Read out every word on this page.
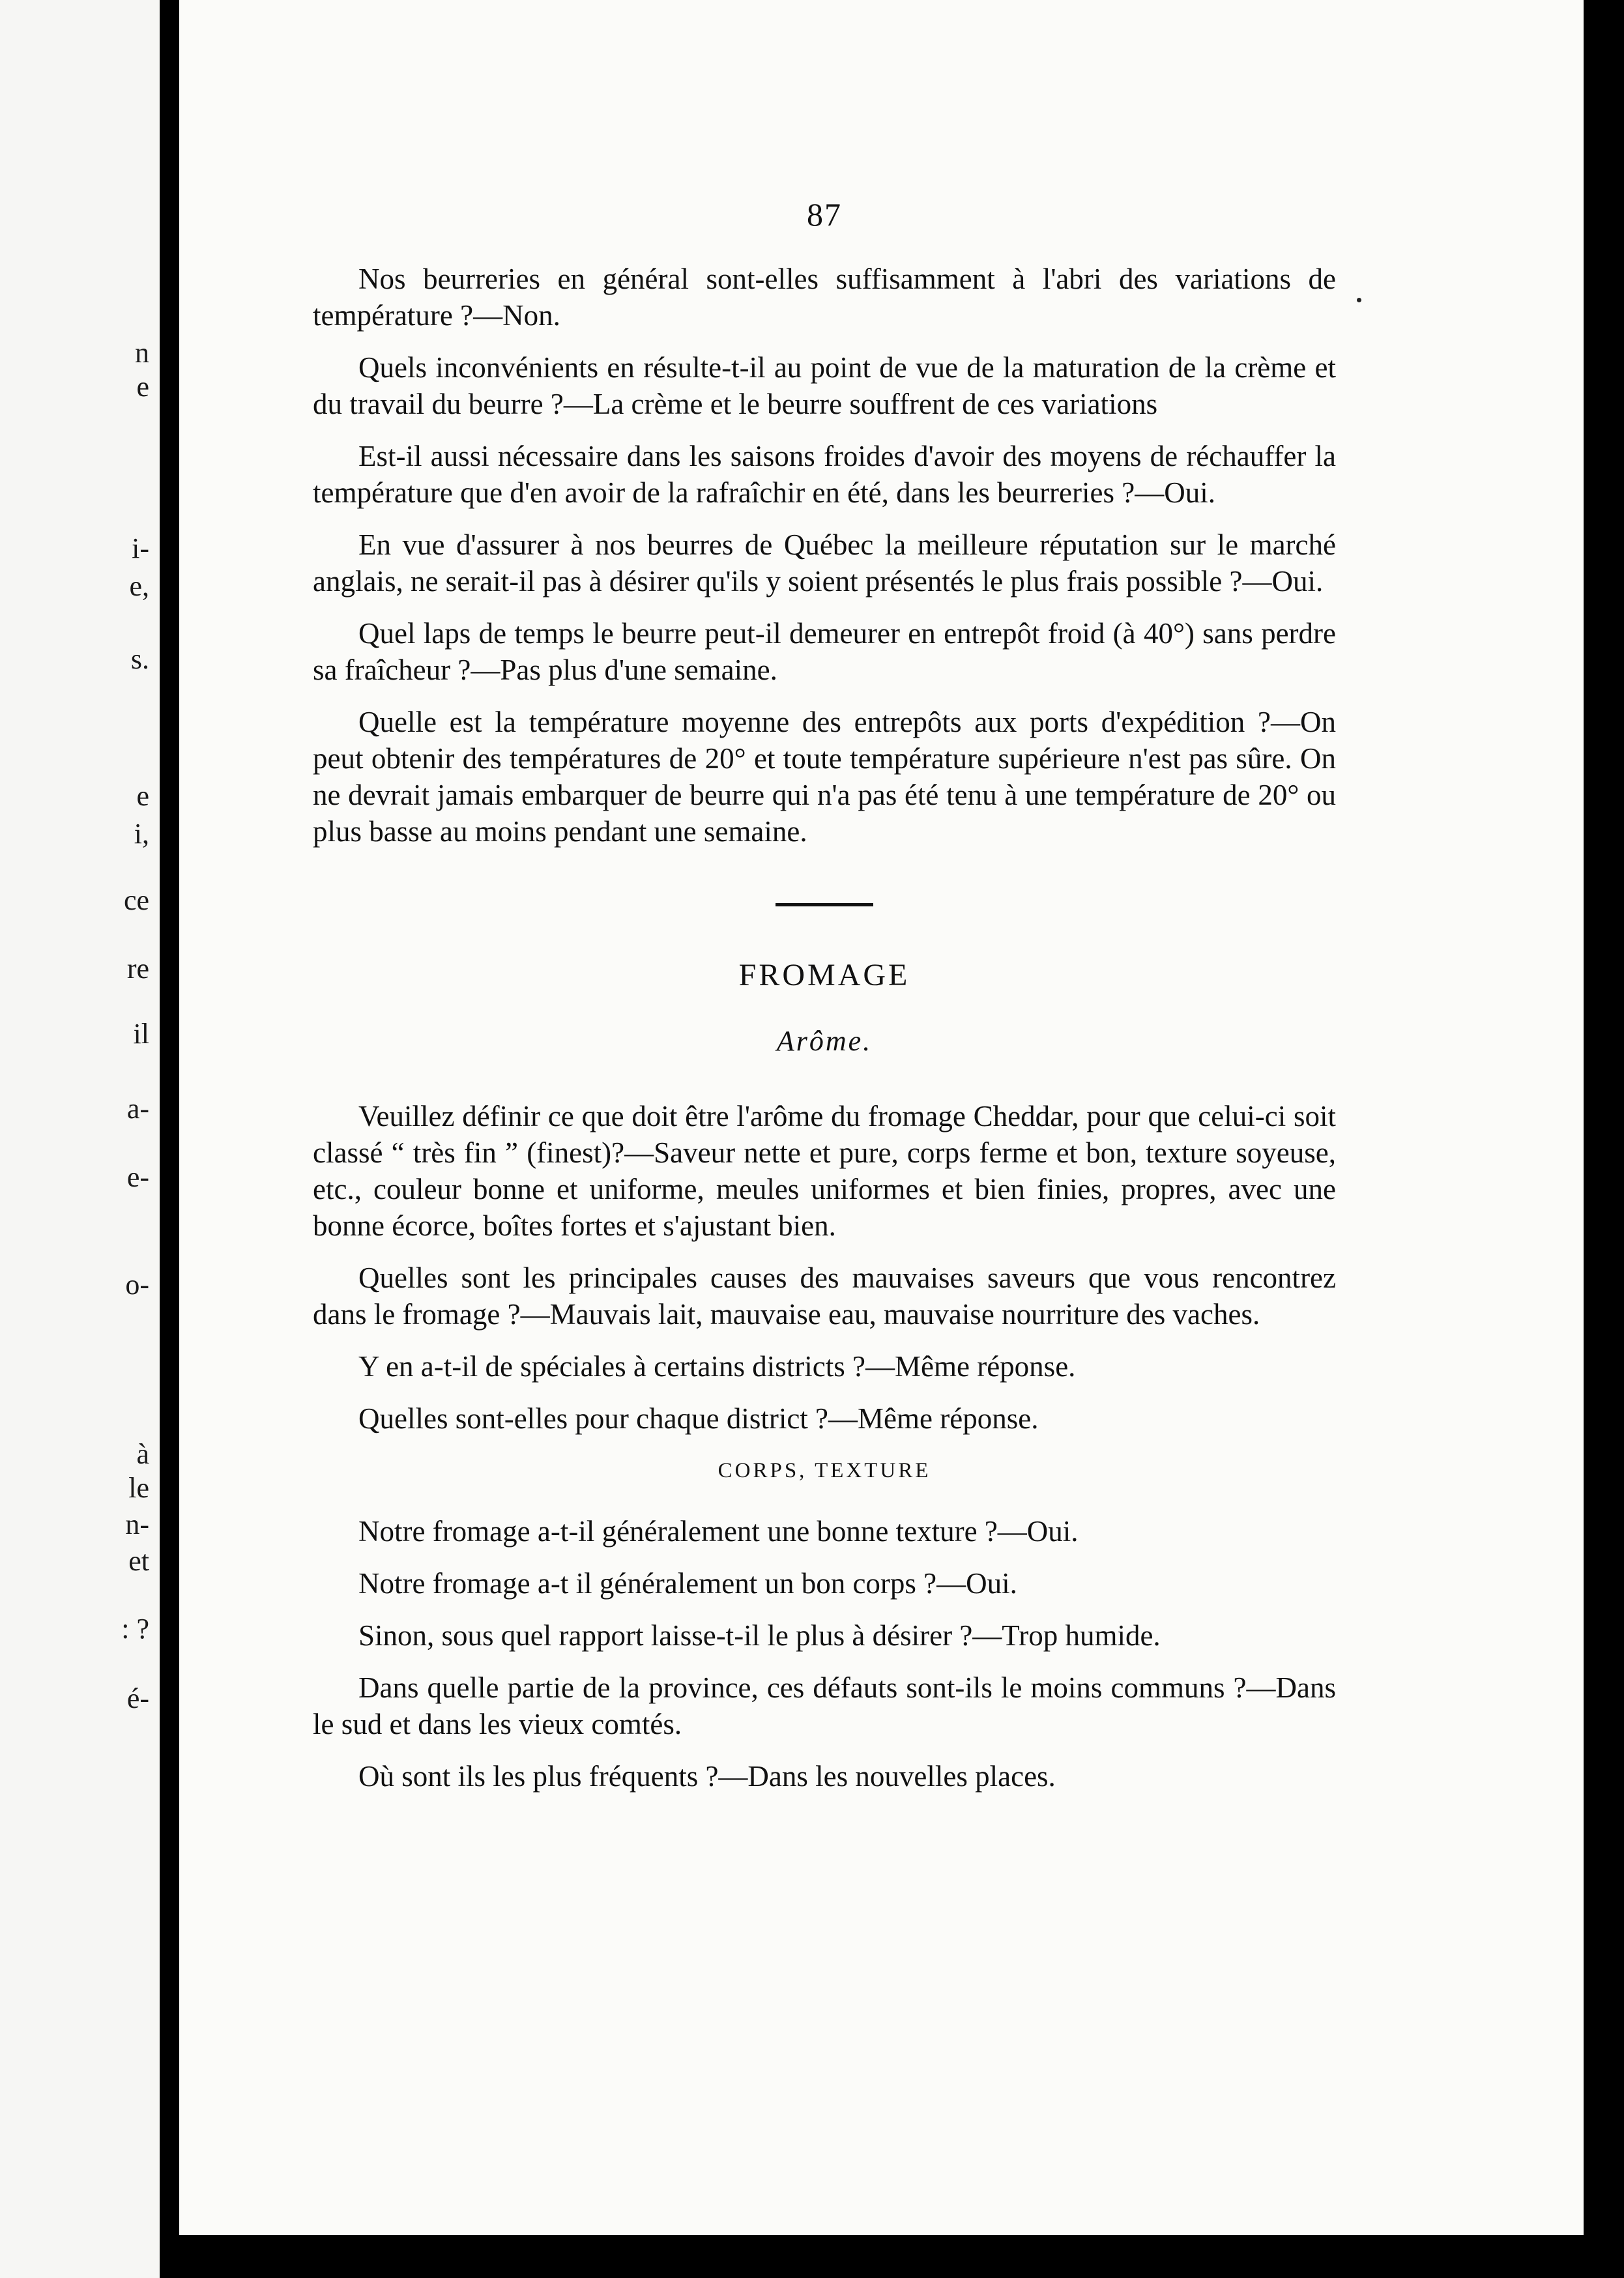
n
e
i-
e,
s.
e
i,
ce
re
il
a-
e-
o-
à
le
n-
et
: ?
é-
87

Nos beurreries en général sont-elles suffisamment à l'abri des variations de température ?—Non.

Quels inconvénients en résulte-t-il au point de vue de la maturation de la crème et du travail du beurre ?—La crème et le beurre souffrent de ces variations

Est-il aussi nécessaire dans les saisons froides d'avoir des moyens de réchauffer la température que d'en avoir de la rafraîchir en été, dans les beurreries ?—Oui.

En vue d'assurer à nos beurres de Québec la meilleure réputation sur le marché anglais, ne serait-il pas à désirer qu'ils y soient présentés le plus frais possible ?—Oui.

Quel laps de temps le beurre peut-il demeurer en entrepôt froid (à 40°) sans perdre sa fraîcheur ?—Pas plus d'une semaine.

Quelle est la température moyenne des entrepôts aux ports d'expédition ?—On peut obtenir des températures de 20° et toute température supérieure n'est pas sûre. On ne devrait jamais embarquer de beurre qui n'a pas été tenu à une température de 20° ou plus basse au moins pendant une semaine.

FROMAGE
Arôme.

Veuillez définir ce que doit être l'arôme du fromage Cheddar, pour que celui-ci soit classé “ très fin ” (finest)?—Saveur nette et pure, corps ferme et bon, texture soyeuse, etc., couleur bonne et uniforme, meules uniformes et bien finies, propres, avec une bonne écorce, boîtes fortes et s'ajustant bien.

Quelles sont les principales causes des mauvaises saveurs que vous rencontrez dans le fromage ?—Mauvais lait, mauvaise eau, mauvaise nourriture des vaches.

Y en a-t-il de spéciales à certains districts ?—Même réponse.

Quelles sont-elles pour chaque district ?—Même réponse.

CORPS, TEXTURE

Notre fromage a-t-il généralement une bonne texture ?—Oui.

Notre fromage a-t il généralement un bon corps ?—Oui.

Sinon, sous quel rapport laisse-t-il le plus à désirer ?—Trop humide.

Dans quelle partie de la province, ces défauts sont-ils le moins communs ?—Dans le sud et dans les vieux comtés.

Où sont ils les plus fréquents ?—Dans les nouvelles places.
